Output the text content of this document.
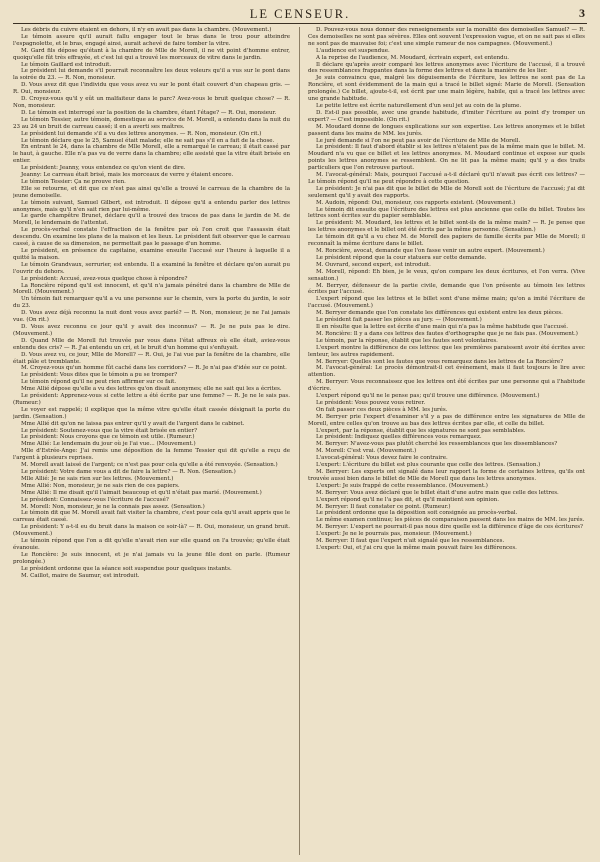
LE CENSEUR.	3

Les débris du cuivre étaient en dehors, il n'y en avait pas dans la chambre. (Mouvement.)

Le témoin assure qu'il aurait fallu engager tout le bras dans le trou pour atteindre l'espagnolette, et le bras, engagé ainsi, aurait achevé de faire tomber la vitre.

M. Gard fils dépose qu'étant à la chambre de Mlle de Morell, il ne vit point d'homme entrer, quoiqu'elle fût très effrayée, et c'est lui qui a trouvé les morceaux de vitre dans le jardin.

Le témoin Gaillard est introduit.

Le président lui demande s'il pourrait reconnaître les deux voleurs qu'il a vus sur le pont dans la soirée du 23. — R. Non, monsieur.

D. Vous avez dit que l'individu que vous avez vu sur le pont était couvert d'un chapeau gris. — R. Oui, monsieur.

D. Croyez-vous qu'il y eût un malfaiteur dans le parc? Avez-vous le bruit quelque chose? — R. Non, monsieur.

D. Le témoin est interrogé sur la position de la chambre, étant l'étage? — R. Oui, monsieur.

Le témoin Tessier, autre témoin, domestique au service de M. Morell, a entendu dans la nuit du 23 au 24 un bruit de carreau cassé; il en a averti ses maîtres.

Le président lui demande s'il a vu des lettres anonymes. — R. Non, monsieur. (On rit.)

Le témoin déclare que le 25, Samuel était malade; elle ne sait pas s'il en a fait de la chose.

En entrant le 24, dans la chambre de Mlle Morell, elle a remarqué le carreau; il était cassé par le haut, à gauche. Elle n'a pas vu de verre dans la chambre; elle assisté que la vitre était brisée en entier.

Le président: Jeanny, vous entendez ce qu'on vient de dire.

Jeanny: Le carreau était brisé, mais les morceaux de verre y étaient encore.

Le témoin Tessier: Ça ne prouve rien.

Elle se retourne, et dit que ce n'est pas ainsi qu'elle a trouvé le carreau de la chambre de la jeune demoiselle.

Le témoin suivant, Samuel Gilbert, est introduit. Il dépose qu'il a entendu parler des lettres anonymes, mais qu'il n'en sait rien par lui-même.

Le garde champêtre Brunet, déclare qu'il a trouvé des traces de pas dans le jardin de M. de Morell, le lendemain de l'attentat.

Le procès-verbal constate l'effraction de la fenêtre par où l'on croit que l'assassin était descendu. On examine les plans de la maison et les lieux. Le président fait observer que le carreau cassé, à cause de sa dimension, ne permettait pas le passage d'un homme.

Le président, en présence du capitaine, examine ensuite l'accusé sur l'heure à laquelle il a quitté la maison.

Le témoin Grandvaux, serrurier, est entendu. Il a examiné la fenêtre et déclare qu'on aurait pu l'ouvrir du dehors.

Le président: Accusé, avez-vous quelque chose à répondre?

La Roncière répond qu'il est innocent, et qu'il n'a jamais pénétré dans la chambre de Mlle de Morell. (Mouvement.)

Un témoin fait remarquer qu'il a vu une personne sur le chemin, vers la porte du jardin, le soir du 23.

D. Vous avez déjà reconnu la nuit dont vous avez parlé? — R. Non, monsieur, je ne l'ai jamais vue. (On rit.)

D. Vous avez reconnu ce jour qu'il y avait des inconnus? — R. Je ne puis pas le dire. (Mouvement.)

D. Quand Mlle de Morell fut trouvée par vous dans l'état affreux où elle était, aviez-vous entendu des cris? — R. J'ai entendu un cri, et le bruit d'un homme qui s'enfuyait.

D. Vous avez vu, ce jour, Mlle de Morell? — R. Oui, je l'ai vue par la fenêtre de la chambre, elle était pâle et tremblante.

M. Croyez-vous qu'un homme fût caché dans les corridors? — R. Je n'ai pas d'idée sur ce point.

Le président: Vous dites que le témoin a pu se tromper?

Le témoin répond qu'il ne peut rien affirmer sur ce fait.

Mme Allié dépose qu'elle a vu des lettres qu'on disait anonymes; elle ne sait qui les a écrites.

Le président: Apprenez-vous si cette lettre a été écrite par une femme? — R. Je ne le sais pas. (Rumeur.)

Le voyer est rappelé; il explique que la même vitre qu'elle était cassée désignait la porte du jardin. (Sensation.)

Mme Allié dit qu'on ne laissa pas entrer qu'il y avait de l'argent dans le cabinet.

Le président: Soutenez-vous que la vitre était brisée en entier?

Le président: Nous croyons que ce témoin est utile. (Rumeur.)

Mme Allié: Le lendemain du jour où je l'ai vue... (Mouvement.)

Mlle d'Estrée-Ange: J'ai remis une déposition de la femme Tessier qui dit qu'elle a reçu de l'argent à plusieurs reprises.

M. Morell avait laissé de l'argent; ce n'est pas pour cela qu'elle a été renvoyée. (Sensation.)

Le président: Votre dame vous a dit de faire la lettre? — R. Non. (Sensation.)

Mlle Allié: Je ne sais rien sur les lettres. (Mouvement.)

Mme Allié: Non, monsieur, je ne sais rien de ces papiers.

Mme Allié: Il me disait qu'il l'aimait beaucoup et qu'il n'était pas marié. (Mouvement.)

Le président: Connaissez-vous l'écriture de l'accusé?

M. Morell: Non, monsieur, je ne la connais pas assez. (Sensation.)

Le témoin dit que M. Morell avait fait visiter la chambre, c'est pour cela qu'il avait appris que le carreau était cassé.

Le président: Y a-t-il eu du bruit dans la maison ce soir-là? — R. Oui, monsieur, un grand bruit. (Mouvement.)

Le témoin répond que l'on a dit qu'elle n'avait rien sur elle quand on l'a trouvée; qu'elle était évanouie.

Le Roncière: Je suis innocent, et je n'ai jamais vu la jeune fille dont on parle. (Rumeur prolongée.)

Le président ordonne que la séance soit suspendue pour quelques instants.

M. Caillot, maire de Saumur, est introduit.

D. Pouvez-vous nous donner des renseignements sur la moralité des demoiselles Samuel? — R. Ces demoiselles ne sont pas sévères. Elles ont souvent l'expression vague, et on ne sait pas si elles ne sont pas de mauvaise foi; c'est une simple rumeur de nos campagnes. (Mouvement.)

L'audience est suspendue.

A la reprise de l'audience, M. Moudard, écrivain expert, est entendu.

Il déclare qu'après avoir comparé les lettres anonymes avec l'écriture de l'accusé, il a trouvé des ressemblances frappantes dans la forme des lettres et dans la manière de les lier.

Je suis convaincu que, malgré les déguisements de l'écriture, les lettres ne sont pas de La Roncière, et sont évidemment de la main qui a tracé le billet signé: Marie de Morell. (Sensation prolongée.) Ce billet, ajoute-t-il, est écrit par une main légère, habile, qui a tracé les lettres avec une grande habitude.

Le petite lettre est écrite naturellement d'un seul jet au coin de la plume.

D. Est-il pas possible, avec une grande habitude, d'imiter l'écriture au point d'y tromper un expert? — C'est impossible. (On rit.)

M. Moudard donne de longues explications sur son expertise. Les lettres anonymes et le billet passent dans les mains de MM. les jurés.

Le juré demande si l'on ne peut pas avoir de l'écriture de Mlle de Morell.

Le président: Il faut d'abord établir si les lettres n'étaient pas de la même main que le billet. M. Moudard n'a vu que ce billet et les lettres anonymes. M. Moudard continue et expose sur quels points les lettres anonymes se ressemblent. On ne lit pas la même main; qu'il y a des traits particuliers que l'on retrouve partout.

M. l'avocat-général: Mais, pourquoi l'accusé a-t-il déclaré qu'il n'avait pas écrit ces lettres? — Le témoin répond qu'il ne peut répondre à cette question.

Le président: Je n'ai pas dit que le billet de Mlle de Morell soit de l'écriture de l'accusé; j'ai dit seulement qu'il y avait des rapports.

M. Audoin, répond: Oui, monsieur, ces rapports existent. (Mouvement.)

Le témoin dit ensuite que l'écriture des lettres est plus ancienne que celle du billet. Toutes les lettres sont écrites sur du papier semblable.

Le président: M. Moudard, les lettres et le billet sont-ils de la même main? — R. Je pense que les lettres anonymes et le billet ont été écrits par la même personne. (Sensation.)

Le témoin dit qu'il a vu chez M. de Morell des papiers de famille écrits par Mlle de Morell; il reconnaît la même écriture dans le billet.

M. Roncière, avocat, demande que l'on fasse venir un autre expert. (Mouvement.)

Le président répond que la cour statuera sur cette demande.

M. Ouvrard, second expert, est introduit.

M. Morell, répond: Eh bien, je le veux, qu'on compare les deux écritures, et l'on verra. (Vive sensation.)

M. Berryer, défenseur de la partie civile, demande que l'on présente au témoin les lettres écrites par l'accusé.

L'expert répond que les lettres et le billet sont d'une même main; qu'on a imité l'écriture de l'accusé. (Mouvement.)

M. Berryer demande que l'on constate les différences qui existent entre les deux pièces.

Le président fait passer les pièces au jury. — (Mouvement.)

Il en résulte que la lettre est écrite d'une main qui n'a pas la même habitude que l'accusé.

M. Roncière: Il y a dans ces lettres des fautes d'orthographe que je ne fais pas. (Mouvement.)

Le témoin, par la réponse, établit que les fautes sont volontaires.

L'expert montre la différence de ces lettres: que les premières paraissent avoir été écrites avec lenteur, les autres rapidement.

M. Berryer: Quelles sont les fautes que vous remarquez dans les lettres de La Roncière?

M. l'avocat-général: Le procès démontrait-il cet événement, mais il faut toujours le lire avec attention.

M. Berryer: Vous reconnaissez que les lettres ont été écrites par une personne qui a l'habitude d'écrire.

L'expert répond qu'il ne le pense pas; qu'il trouve une différence. (Mouvement.)

Le président: Vous pouvez vous retirer.

On fait passer ces deux pièces à MM. les jurés.

M. Berryer prie l'expert d'examiner s'il y a pas de différence entre les signatures de Mlle de Morell, entre celles qu'on trouve au bas des lettres écrites par elle, et celle du billet.

L'expert, par la réponse, établit que les signatures ne sont pas semblables.

Le président: Indiquez quelles différences vous remarquez.

M. Berryer: N'avez-vous pas plutôt cherché les ressemblances que les dissemblances?

M. Morell: C'est vrai. (Mouvement.)

L'avocat-général: Vous devez faire le contraire.

L'expert: L'écriture du billet est plus courante que celle des lettres. (Sensation.)

M. Berryer: Les experts ont signalé dans leur rapport la forme de certaines lettres, qu'ils ont trouvée aussi bien dans le billet de Mlle de Morell que dans les lettres anonymes.

L'expert: Je suis frappé de cette ressemblance. (Mouvement.)

M. Berryer: Vous avez déclaré que le billet était d'une autre main que celle des lettres.

L'expert répond qu'il ne l'a pas dit, et qu'il maintient son opinion.

M. Berryer: Il faut constater ce point. (Rumeur.)

Le président ordonne que la déposition soit consignée au procès-verbal.

Le même examen continue; les pièces de comparaison passent dans les mains de MM. les jurés.

M. Berryer: L'expert ne pourrait-il pas nous dire quelle est la différence d'âge de ces écritures?

L'expert: Je ne le pourrais pas, monsieur. (Mouvement.)

M. Berryer: Il faut que l'expert n'ait signalé que les ressemblances.

L'expert: Oui, et j'ai cru que la même main pouvait faire les différences.
